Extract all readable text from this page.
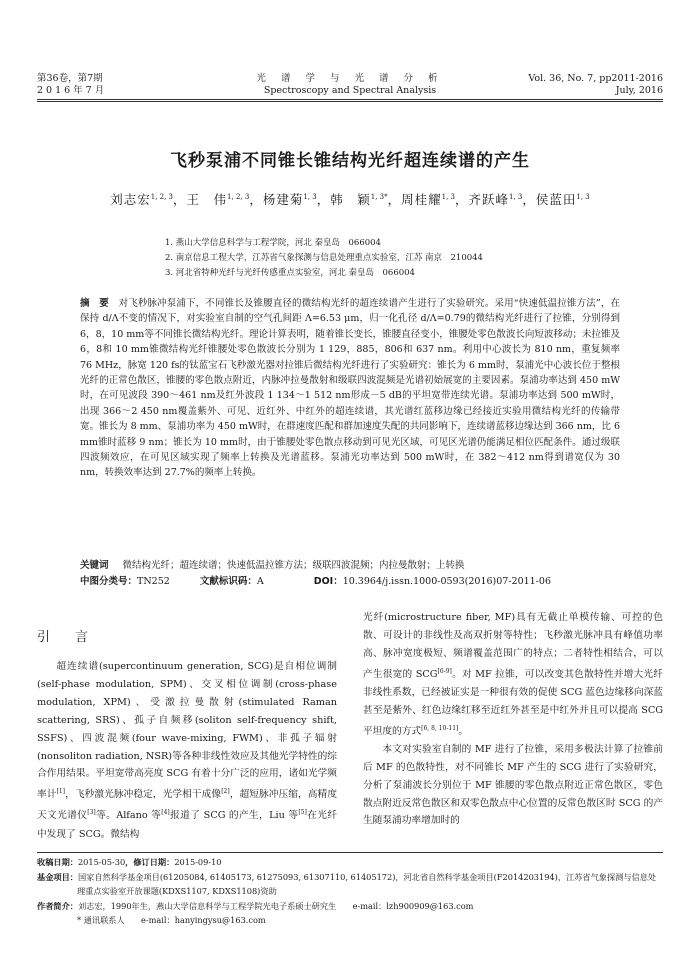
第36卷，第7期
2016年7月
光 谱 学 与 光 谱 分 析
Spectroscopy and Spectral Analysis
Vol. 36, No. 7, pp2011-2016
July, 2016
飞秒泵浦不同锥长锥结构光纤超连续谱的产生
刘志宏$^{1, 2, 3}$，王　伟$^{1, 2, 3}$，杨建菊$^{1, 3}$，韩　颖$^{1, 3*}$，周桂耀$^{1, 3}$，齐跃峰$^{1, 3}$，侯蓝田$^{1, 3}$
1. 燕山大学信息科学与工程学院，河北 秦皇岛　066004
2. 南京信息工程大学，江苏省气象探测与信息处理重点实验室，江苏 南京　210044
3. 河北省特种光纤与光纤传感重点实验室，河北 秦皇岛　066004
摘　要　 对飞秒脉冲泵浦下，不同锥长及锥腰直径的微结构光纤的超连续谱产生进行了实验研究。采用“快速低温拉锥方法”，在保持 d/Λ不变的情况下，对实验室自制的空气孔间距 Λ=6.53 μm，归一化孔径 d/Λ=0.79的微结构光纤进行了拉锥，分别得到 6，8，10 mm等不同锥长微结构光纤。理论计算表明，随着锥长变长，锥腰直径变小，锥腰处零色散波长向短波移动；未拉锥及 6，8和 10 mm锥微结构光纤锥腰处零色散波长分别为 1 129，885，806和 637 nm。利用中心波长为 810 nm，重复频率 76 MHz，脉宽 120 fs的钛蓝宝石飞秒激光器对拉锥后微结构光纤进行了实验研究：锥长为 6 mm时，泵浦光中心波长位于整根光纤的正常色散区，锥腰的零色散点附近，内脉冲拉曼散射和级联四波混频是光谱初始展宽的主要因素。泵浦功率达到 450 mW时，在可见波段 390～461 nm及红外波段 1 134～1 512 nm形成－5 dB的平坦宽带连续光谱。泵浦功率达到 500 mW时，出现 366～2 450 nm覆盖紫外、可见、近红外、中红外的超连续谱，其光谱红蓝移边缘已经接近实验用微结构光纤的传输带宽。锥长为 8 mm、泵浦功率为 450 mW时，在群速度匹配和群加速度失配的共同影响下，连续谱蓝移边缘达到 366 nm，比 6 mm锥时蓝移 9 nm；锥长为 10 mm时，由于锥腰处零色散点移动到可见光区域，可见区光谱仍能满足相位匹配条件。通过级联四波频效应，在可见区域实现了频率上转换及光谱蓝移。泵浦光功率达到 500 mW时，在 382～412 nm得到谱宽仅为 30 nm，转换效率达到 27.7%的频率上转换。
关键词 微结构光纤；超连续谱；快速低温拉锥方法；级联四波混频；内拉曼散射；上转换
中图分类号：TN252	文献标识码：A	DOI：10.3964/j.issn.1000-0593(2016)07-2011-06
引　言
超连续谱(supercontinuum generation, SCG)是自相位调制(self-phase modulation, SPM)、交叉相位调制(cross-phase modulation, XPM)、受激拉曼散射(stimulated Raman scattering, SRS)、孤子自频移(soliton self-frequency shift, SSFS)、四波混频(four wave-mixing, FWM)、非孤子辐射(nonsoliton radiation, NSR)等各种非线性效应及其他光学特性的综合作用结果。平坦宽带高亮度 SCG 有着十分广泛的应用，诸如光学频率计[1]，飞秒激光脉冲稳定，光学相干成像[2]，超短脉冲压缩，高精度天文光谱仪[3]等。Alfano 等[4]报道了 SCG 的产生，Liu 等[5]在光纤中发现了 SCG。微结构
光纤(microstructure fiber, MF)具有无截止单模传输、可控的色散、可设计的非线性及高双折射等特性；飞秒激光脉冲具有峰值功率高、脉冲宽度极短、频谱覆盖范围广的特点；二者特性相结合，可以产生很宽的 SCG[6-9]。对 MF 拉锥，可以改变其色散特性并增大光纤非线性系数，已经被证实是一种很有效的促使 SCG 蓝色边缘移向深蓝甚至是紫外、红色边缘红移至近红外甚至是中红外并且可以提高 SCG 平坦度的方式[6, 8, 10-11]。
本文对实验室自制的 MF 进行了拉锥，采用多极法计算了拉锥前后 MF 的色散特性，对不同锥长 MF 产生的 SCG 进行了实验研究，分析了泵浦波长分别位于 MF 锥腰的零色散点附近正常色散区，零色散点附近反常色散区和双零色散点中心位置的反常色散区时 SCG 的产生随泵浦功率增加时的
收稿日期：2015-05-30，修订日期：2015-09-10
基金项目：国家自然科学基金项目(61205084, 61405173, 61275093, 61307110, 61405172)，河北省自然科学基金项目(F2014203194)，江苏省气象探测与信息处理重点实验室开放课题(KDXS1107, KDXS1108)资助
作者简介：刘志宏，1990年生，燕山大学信息科学与工程学院光电子系硕士研究生　　e-mail：lzh900909@163.com
* 通讯联系人　　e-mail：hanyingysu@163.com
